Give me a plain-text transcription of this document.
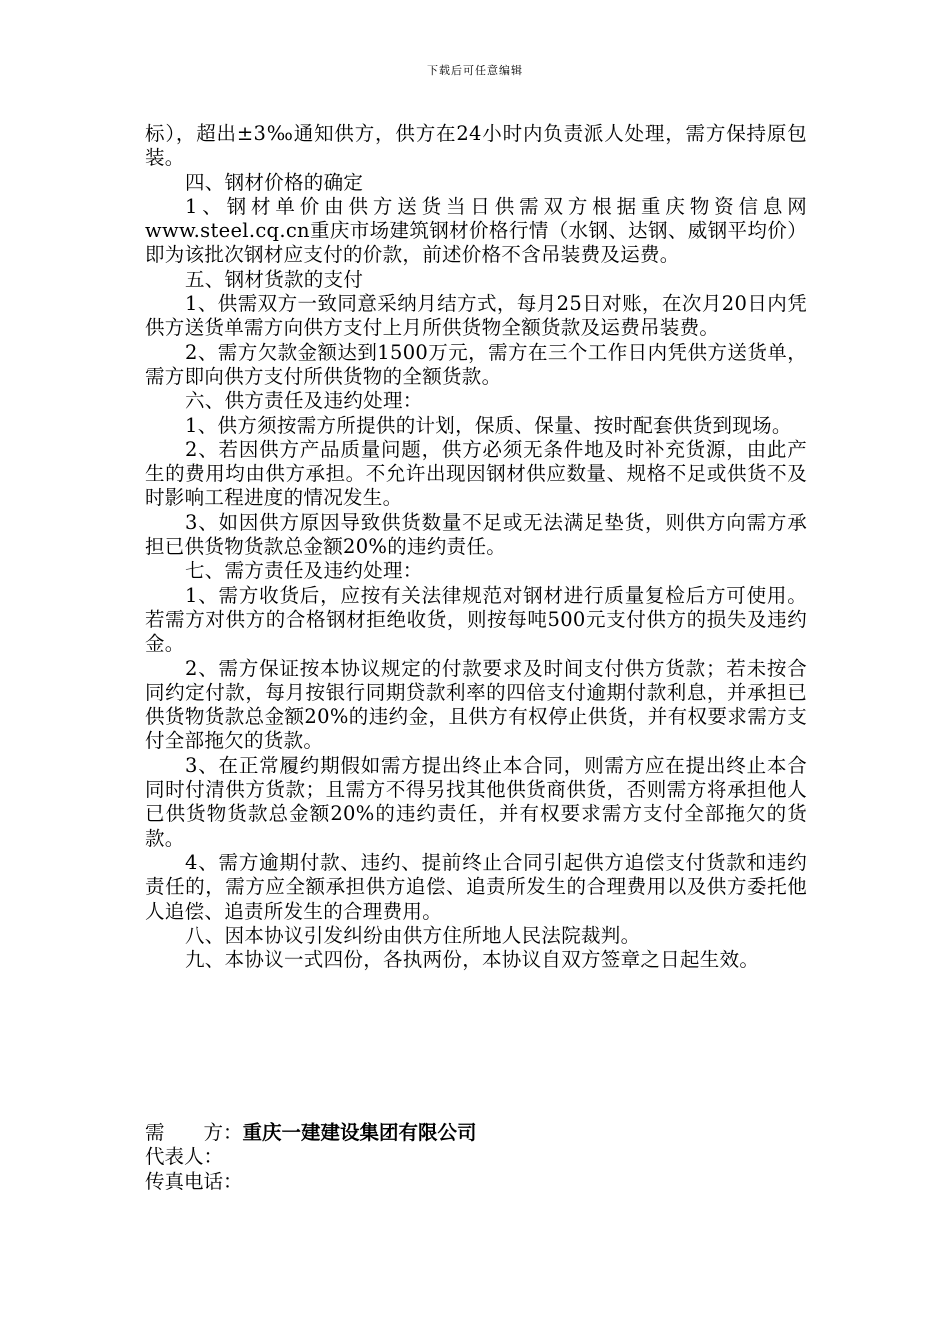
下载后可任意编辑

标），超出±3‰通知供方，供方在24小时内负责派人处理，需方保持原包装。

四、钢材价格的确定

1、钢材单价由供方送货当日供需双方根据重庆物资信息网www.steel.cq.cn重庆市场建筑钢材价格行情（水钢、达钢、威钢平均价）即为该批次钢材应支付的价款，前述价格不含吊装费及运费。

五、钢材货款的支付

1、供需双方一致同意采纳月结方式，每月25日对账，在次月20日内凭供方送货单需方向供方支付上月所供货物全额货款及运费吊装费。

2、需方欠款金额达到1500万元，需方在三个工作日内凭供方送货单，需方即向供方支付所供货物的全额货款。

六、供方责任及违约处理：

1、供方须按需方所提供的计划，保质、保量、按时配套供货到现场。

2、若因供方产品质量问题，供方必须无条件地及时补充货源，由此产生的费用均由供方承担。不允许出现因钢材供应数量、规格不足或供货不及时影响工程进度的情况发生。

3、如因供方原因导致供货数量不足或无法满足垫货，则供方向需方承担已供货物货款总金额20%的违约责任。

七、需方责任及违约处理：

1、需方收货后，应按有关法律规范对钢材进行质量复检后方可使用。若需方对供方的合格钢材拒绝收货，则按每吨500元支付供方的损失及违约金。

2、需方保证按本协议规定的付款要求及时间支付供方货款；若未按合同约定付款，每月按银行同期贷款利率的四倍支付逾期付款利息，并承担已供货物货款总金额20%的违约金，且供方有权停止供货，并有权要求需方支付全部拖欠的货款。

3、在正常履约期假如需方提出终止本合同，则需方应在提出终止本合同时付清供方货款；且需方不得另找其他供货商供货，否则需方将承担他人已供货物货款总金额20%的违约责任，并有权要求需方支付全部拖欠的货款。

4、需方逾期付款、违约、提前终止合同引起供方追偿支付货款和违约责任的，需方应全额承担供方追偿、追责所发生的合理费用以及供方委托他人追偿、追责所发生的合理费用。

八、因本协议引发纠纷由供方住所地人民法院裁判。

九、本协议一式四份，各执两份，本协议自双方签章之日起生效。

需　　方：重庆一建建设集团有限公司

代表人：

传真电话：
